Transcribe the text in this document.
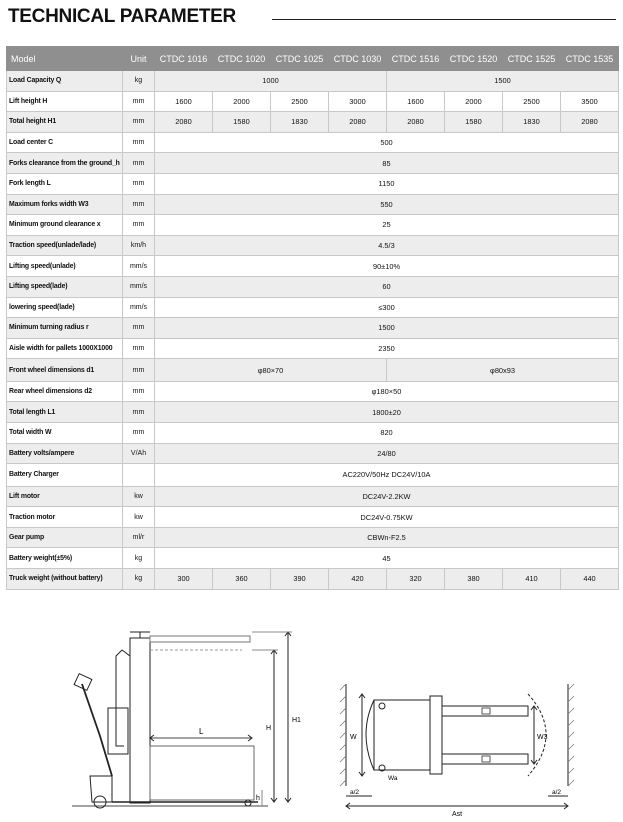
TECHNICAL PARAMETER
Model	Unit	CTDC 1016	CTDC 1020	CTDC 1025	CTDC 1030	CTDC 1516	CTDC 1520	CTDC 1525	CTDC 1535
Load Capacity Q	kg	1000				1500			
Lift height H	mm	1600	2000	2500	3000	1600	2000	2500	3500
Total height H1	mm	2080	1580	1830	2080	2080	1580	1830	2080
Load center C	mm	500							
Forks clearance from the ground_h	mm	85							
Fork length L	mm	1150							
Maximum forks width W3	mm	550							
Minimum ground clearance x	mm	25							
Traction speed(unlade/lade)	km/h	4.5/3							
Lifting speed(unlade)	mm/s	90±10%							
Lifting speed(lade)	mm/s	60							
lowering speed(lade)	mm/s	≤300							
Minimum turning radius r	mm	1500							
Aisle width for pallets 1000X1000	mm	2350							
Front wheel dimensions d1	mm	φ80×70				φ80x93			
Rear wheel dimensions d2	mm	φ180×50							
Total length L1	mm	1800±20							
Total width W	mm	820							
Battery volts/ampere	V/Ah	24/80							
Battery Charger		AC220V/50Hz DC24V/10A							
Lift motor	kw	DC24V-2.2KW							
Traction motor	kw	DC24V-0.75KW							
Gear pump	ml/r	CBWn-F2.5							
Battery weight(±5%)	kg	45							
Truck weight (without battery)	kg	300	360	390	420	320	380	410	440
L	H
H1
h
W	W3
Ast
a/2	a/2
Wa
